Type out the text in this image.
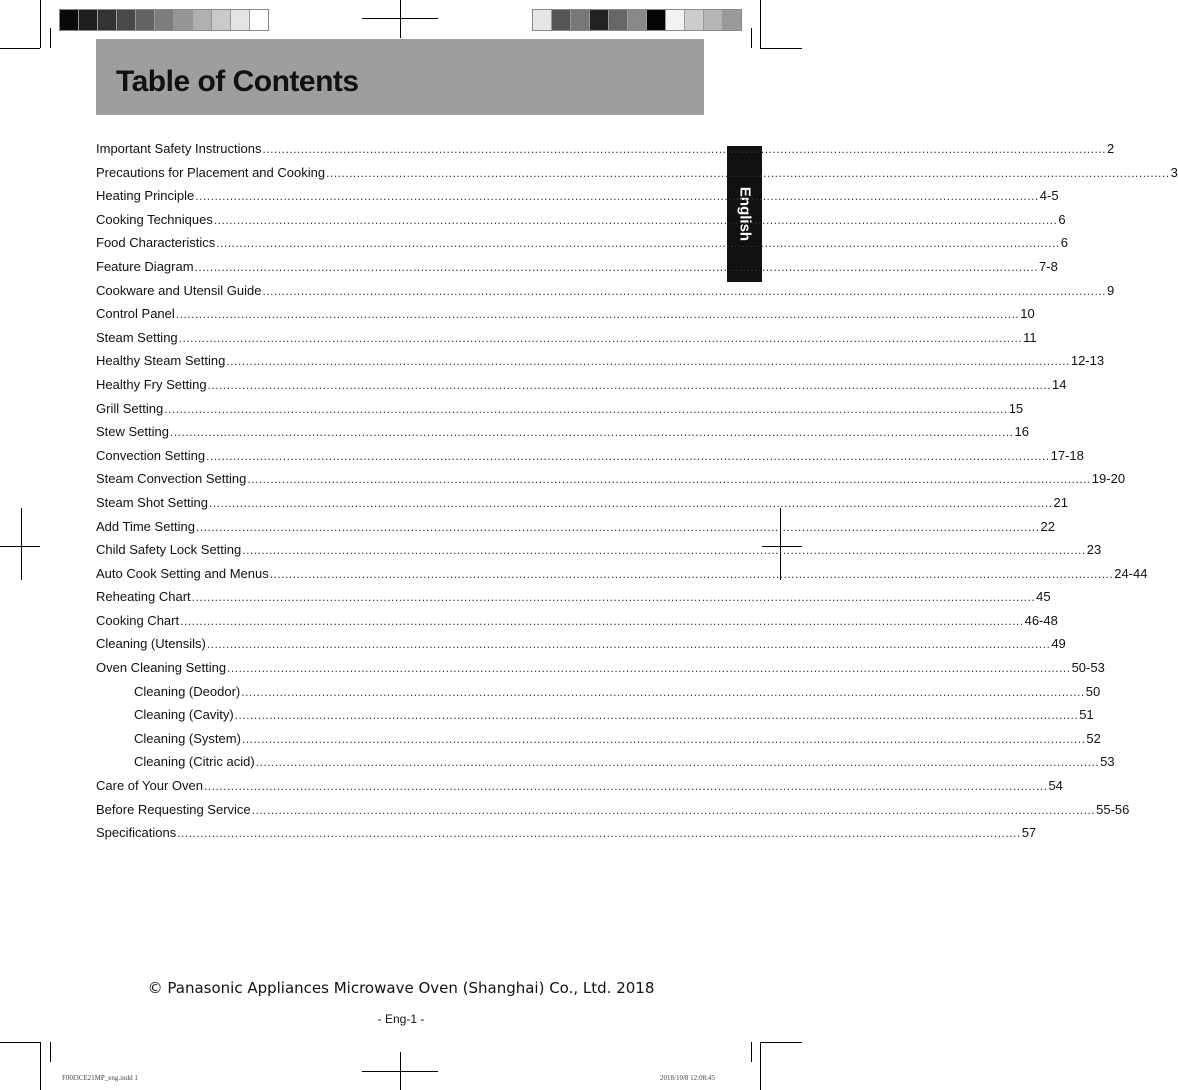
Table of Contents
English
Important Safety Instructions ............................................................................................................................................................................................................................ 2
Precautions for Placement and Cooking ............................................................................................................................................................................................................................ 3
Heating Principle ............................................................................................................................................................................................................................ 4-5
Cooking Techniques ............................................................................................................................................................................................................................ 6
Food Characteristics ............................................................................................................................................................................................................................ 6
Feature Diagram ............................................................................................................................................................................................................................ 7-8
Cookware and Utensil Guide ............................................................................................................................................................................................................................ 9
Control Panel ............................................................................................................................................................................................................................ 10
Steam Setting ............................................................................................................................................................................................................................ 11
Healthy Steam Setting ............................................................................................................................................................................................................................ 12-13
Healthy Fry Setting ............................................................................................................................................................................................................................ 14
Grill Setting ............................................................................................................................................................................................................................ 15
Stew Setting ............................................................................................................................................................................................................................ 16
Convection Setting ............................................................................................................................................................................................................................ 17-18
Steam Convection Setting ............................................................................................................................................................................................................................ 19-20
Steam Shot Setting ............................................................................................................................................................................................................................ 21
Add Time Setting ............................................................................................................................................................................................................................ 22
Child Safety Lock Setting ............................................................................................................................................................................................................................ 23
Auto Cook Setting and Menus ............................................................................................................................................................................................................................ 24-44
Reheating Chart ............................................................................................................................................................................................................................ 45
Cooking Chart ............................................................................................................................................................................................................................ 46-48
Cleaning (Utensils) ............................................................................................................................................................................................................................ 49
Oven Cleaning Setting ............................................................................................................................................................................................................................ 50-53
Cleaning (Deodor) ............................................................................................................................................................................................................................ 50
Cleaning (Cavity) ............................................................................................................................................................................................................................ 51
Cleaning (System) ............................................................................................................................................................................................................................ 52
Cleaning (Citric acid) ............................................................................................................................................................................................................................ 53
Care of Your Oven ............................................................................................................................................................................................................................ 54
Before Requesting Service ............................................................................................................................................................................................................................ 55-56
Specifications ............................................................................................................................................................................................................................ 57
© Panasonic Appliances Microwave Oven (Shanghai) Co., Ltd. 2018
- Eng-1 -
F00I3CE21MP_eng.indd 1	2018/10/8 12:08:45
